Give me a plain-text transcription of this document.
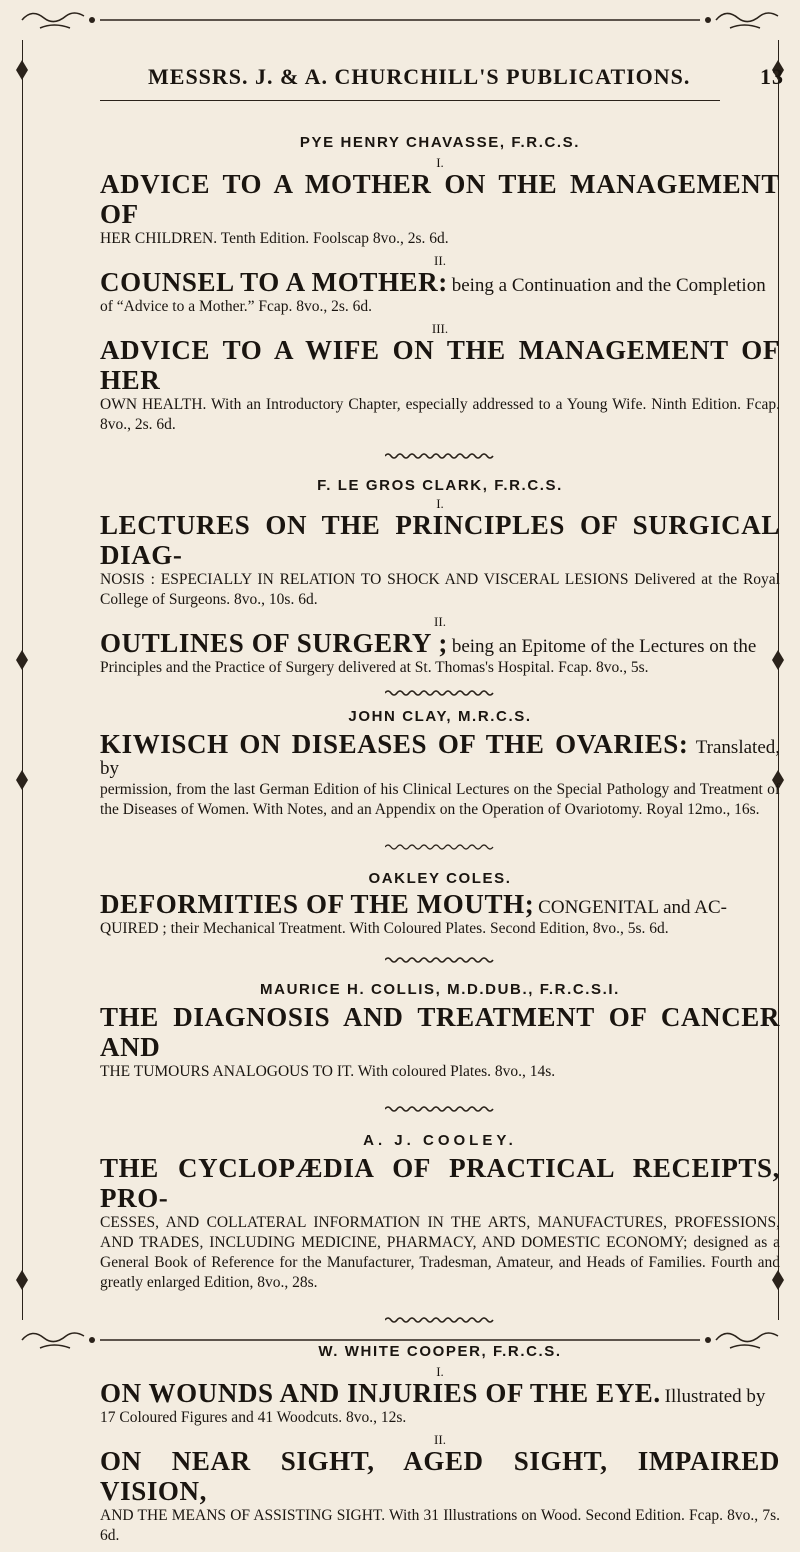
MESSRS. J. & A. CHURCHILL'S PUBLICATIONS.	13

PYE HENRY CHAVASSE, F.R.C.S.

I.

ADVICE TO A MOTHER ON THE MANAGEMENT OF
HER CHILDREN. Tenth Edition. Foolscap 8vo., 2s. 6d.

II.

COUNSEL TO A MOTHER: being a Continuation and the Completion
of “Advice to a Mother.” Fcap. 8vo., 2s. 6d.

III.

ADVICE TO A WIFE ON THE MANAGEMENT OF HER
OWN HEALTH. With an Introductory Chapter, especially addressed to a Young Wife. Ninth Edition. Fcap. 8vo., 2s. 6d.

F. LE GROS CLARK, F.R.C.S.

I.

LECTURES ON THE PRINCIPLES OF SURGICAL DIAG-
NOSIS : ESPECIALLY IN RELATION TO SHOCK AND VISCERAL LESIONS Delivered at the Royal College of Surgeons. 8vo., 10s. 6d.

II.

OUTLINES OF SURGERY ; being an Epitome of the Lectures on the
Principles and the Practice of Surgery delivered at St. Thomas's Hospital. Fcap. 8vo., 5s.

JOHN CLAY, M.R.C.S.

KIWISCH ON DISEASES OF THE OVARIES: Translated, by
permission, from the last German Edition of his Clinical Lectures on the Special Pathology and Treatment of the Diseases of Women. With Notes, and an Appendix on the Operation of Ovariotomy. Royal 12mo., 16s.

OAKLEY COLES.

DEFORMITIES OF THE MOUTH; CONGENITAL and AC-
QUIRED ; their Mechanical Treatment. With Coloured Plates. Second Edition, 8vo., 5s. 6d.

MAURICE H. COLLIS, M.D.DUB., F.R.C.S.I.

THE DIAGNOSIS AND TREATMENT OF CANCER AND
THE TUMOURS ANALOGOUS TO IT. With coloured Plates. 8vo., 14s.

A. J. COOLEY.

THE CYCLOPÆDIA OF PRACTICAL RECEIPTS, PRO-
CESSES, AND COLLATERAL INFORMATION IN THE ARTS, MANUFACTURES, PROFESSIONS, AND TRADES, INCLUDING MEDICINE, PHARMACY, AND DOMESTIC ECONOMY; designed as a General Book of Reference for the Manufacturer, Tradesman, Amateur, and Heads of Families. Fourth and greatly enlarged Edition, 8vo., 28s.

W. WHITE COOPER, F.R.C.S.

I.

ON WOUNDS AND INJURIES OF THE EYE. Illustrated by
17 Coloured Figures and 41 Woodcuts. 8vo., 12s.

II.

ON NEAR SIGHT, AGED SIGHT, IMPAIRED VISION,
AND THE MEANS OF ASSISTING SIGHT. With 31 Illustrations on Wood. Second Edition. Fcap. 8vo., 7s. 6d.
